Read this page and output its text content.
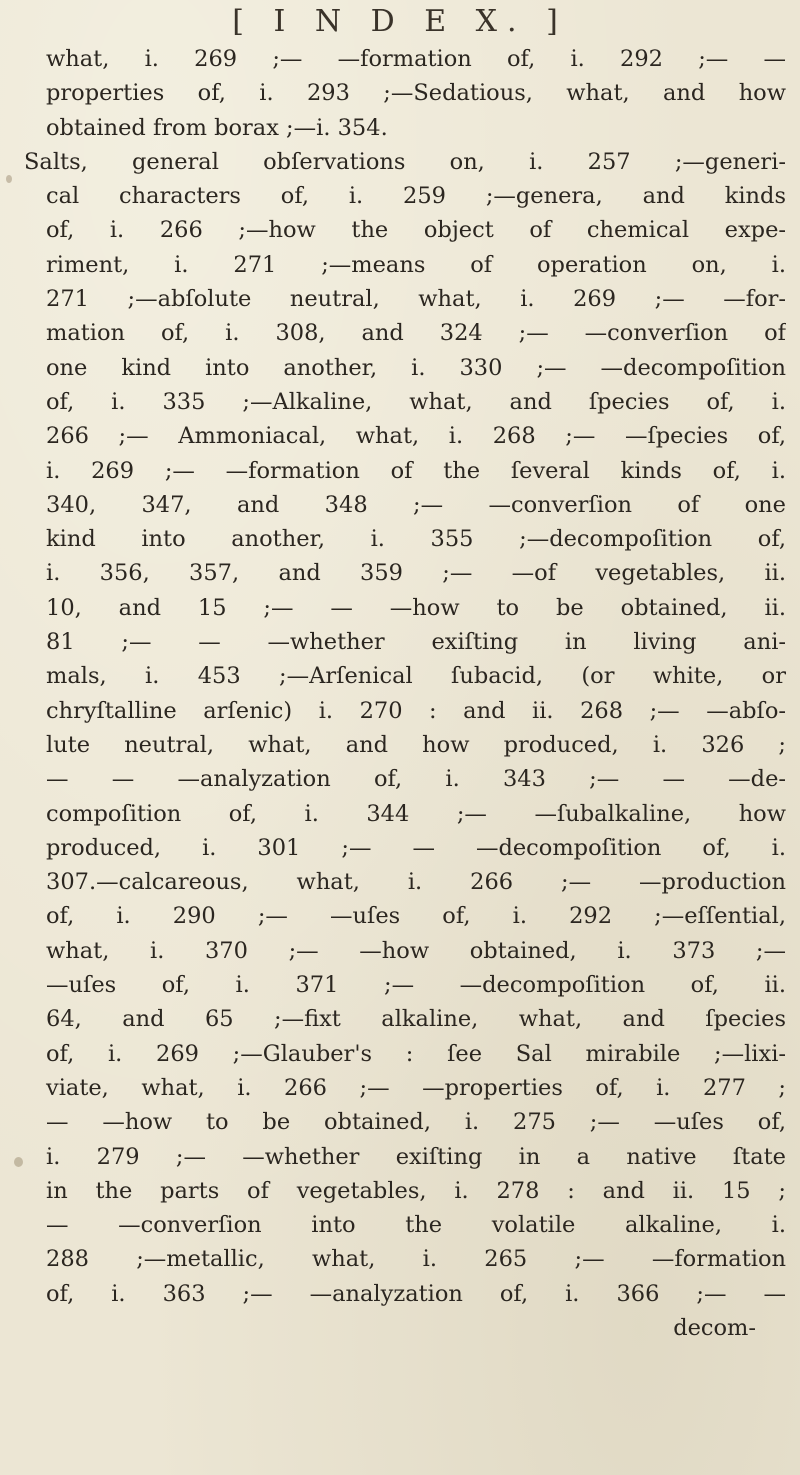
[ I N D E X. ]
what, i. 269 ;— —formation of, i. 292 ;— —
properties of, i. 293 ;—Sedatious, what, and how
obtained from borax ;—i. 354.
Salts, general obſervations on, i. 257 ;—generi-
cal characters of, i. 259 ;—genera, and kinds
of, i. 266 ;—how the object of chemical expe-
riment, i. 271 ;—means of operation on, i.
271 ;—abſolute neutral, what, i. 269 ;— —for-
mation of, i. 308, and 324 ;— —converſion of
one kind into another, i. 330 ;— —decompoſition
of, i. 335 ;—Alkaline, what, and ſpecies of, i.
266 ;— Ammoniacal, what, i. 268 ;— —ſpecies of,
i. 269 ;— —formation of the ſeveral kinds of, i.
340, 347, and 348 ;— —converſion of one
kind into another, i. 355 ;—decompoſition of,
i. 356, 357, and 359 ;— —of vegetables, ii.
10, and 15 ;— — —how to be obtained, ii.
81 ;— — —whether exiſting in living ani-
mals, i. 453 ;—Arſenical ſubacid, (or white, or
chryſtalline arſenic) i. 270 : and ii. 268 ;— —abſo-
lute neutral, what, and how produced, i. 326 ;
— — —analyzation of, i. 343 ;— — —de-
compoſition of, i. 344 ;— —ſubalkaline, how
produced, i. 301 ;— — —decompoſition of, i.
307.—calcareous, what, i. 266 ;— —production
of, i. 290 ;— —uſes of, i. 292 ;—eſſential,
what, i. 370 ;— —how obtained, i. 373 ;—
—uſes of, i. 371 ;— —decompoſition of, ii.
64, and 65 ;—fixt alkaline, what, and ſpecies
of, i. 269 ;—Glauber's : ſee Sal mirabile ;—lixi-
viate, what, i. 266 ;— —properties of, i. 277 ;
— —how to be obtained, i. 275 ;— —uſes of,
i. 279 ;— —whether exiſting in a native ſtate
in the parts of vegetables, i. 278 : and ii. 15 ;
— —converſion into the volatile alkaline, i.
288 ;—metallic, what, i. 265 ;— —formation
of, i. 363 ;— —analyzation of, i. 366 ;— —
decom-
